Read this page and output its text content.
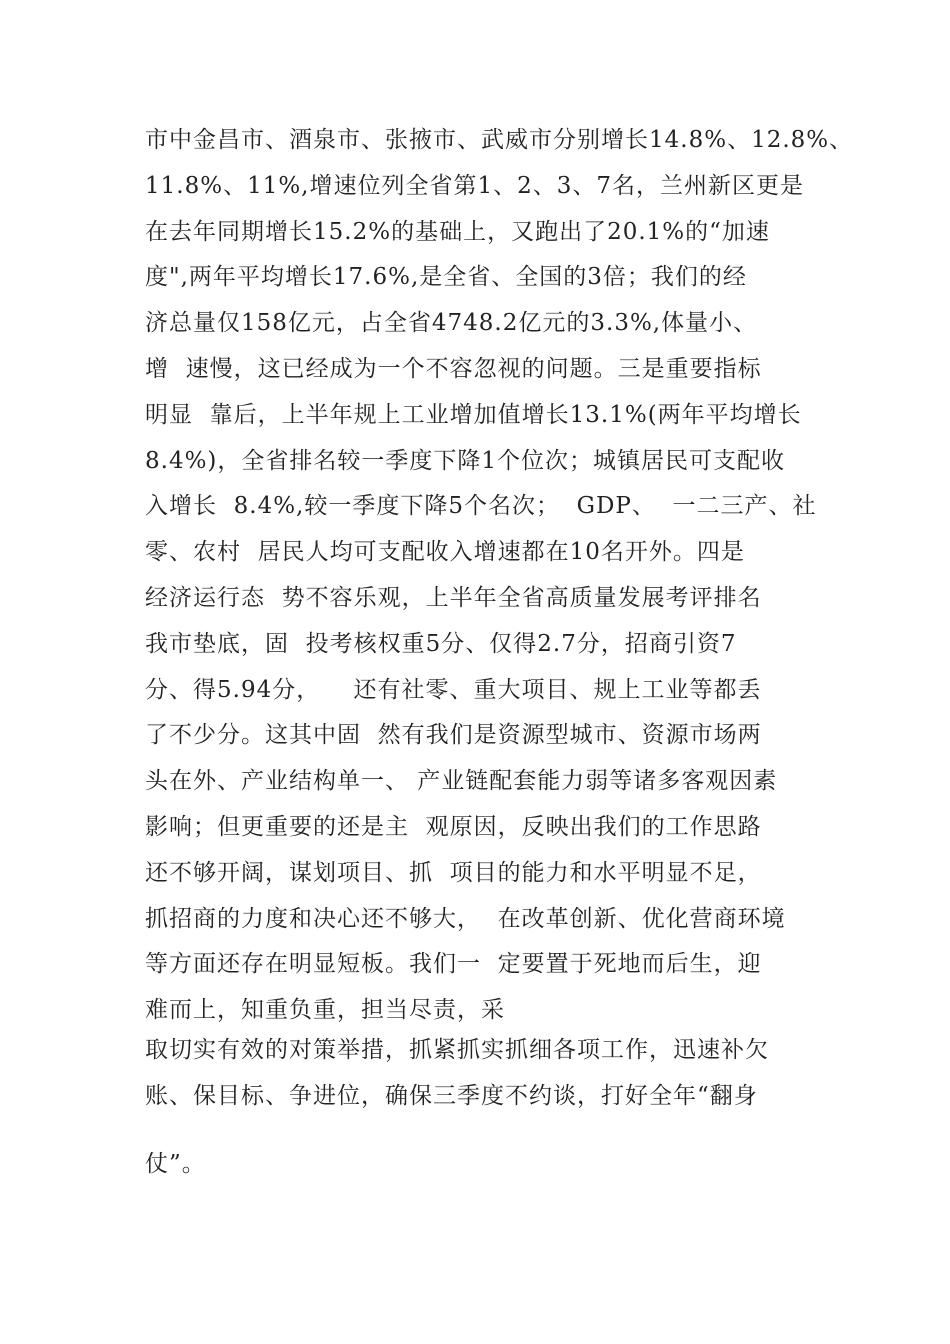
市中金昌市、酒泉市、张掖市、武威市分别增长14.8%、12.8%、
11.8%、11%,增速位列全省第1、2、3、7名，兰州新区更是
在去年同期增长15.2%的基础上，又跑出了20.1%的“加速
度",两年平均增长17.6%,是全省、全国的3倍；我们的经
济总量仅158亿元，占全省4748.2亿元的3.3%,体量小、
增  速慢，这已经成为一个不容忽视的问题。三是重要指标
明显  靠后，上半年规上工业增加值增长13.1%(两年平均增长
8.4%)，全省排名较一季度下降1个位次；城镇居民可支配收
入增长  8.4%,较一季度下降5个名次；  GDP、  一二三产、社
零、农村  居民人均可支配收入增速都在10名开外。四是
经济运行态  势不容乐观，上半年全省高质量发展考评排名
我市垫底，固  投考核权重5分、仅得2.7分，招商引资7
分、得5.94分，    还有社零、重大项目、规上工业等都丢
了不少分。这其中固  然有我们是资源型城市、资源市场两
头在外、产业结构单一、 产业链配套能力弱等诸多客观因素
影响；但更重要的还是主  观原因，反映出我们的工作思路
还不够开阔，谋划项目、抓  项目的能力和水平明显不足，
抓招商的力度和决心还不够大，  在改革创新、优化营商环境
等方面还存在明显短板。我们一  定要置于死地而后生，迎
难而上，知重负重，担当尽责，采
取切实有效的对策举措，抓紧抓实抓细各项工作，迅速补欠
账、保目标、争进位，确保三季度不约谈，打好全年“翻身
仗”。
